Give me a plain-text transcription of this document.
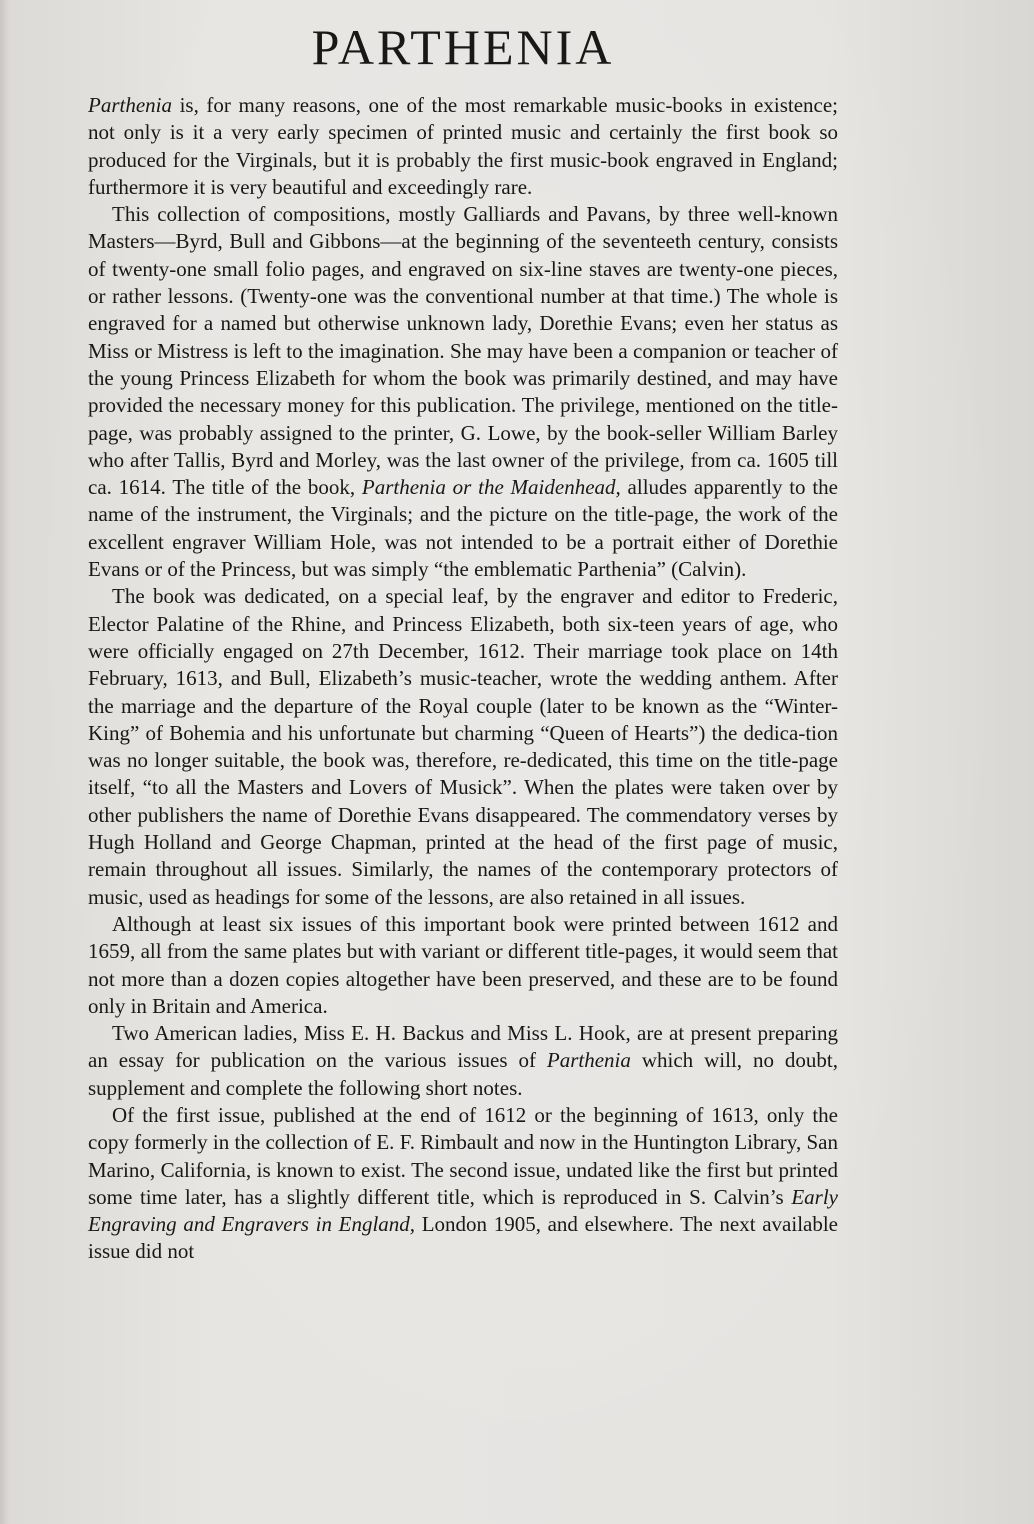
PARTHENIA

Parthenia is, for many reasons, one of the most remarkable music-books in existence; not only is it a very early specimen of printed music and certainly the first book so produced for the Virginals, but it is probably the first music-book engraved in England; furthermore it is very beautiful and exceedingly rare.

This collection of compositions, mostly Galliards and Pavans, by three well-known Masters—Byrd, Bull and Gibbons—at the beginning of the seventeeth century, consists of twenty-one small folio pages, and engraved on six-line staves are twenty-one pieces, or rather lessons. (Twenty-one was the conventional number at that time.) The whole is engraved for a named but otherwise unknown lady, Dorethie Evans; even her status as Miss or Mistress is left to the imagination. She may have been a companion or teacher of the young Princess Elizabeth for whom the book was primarily destined, and may have provided the necessary money for this publication. The privilege, mentioned on the title-page, was probably assigned to the printer, G. Lowe, by the book-seller William Barley who after Tallis, Byrd and Morley, was the last owner of the privilege, from ca. 1605 till ca. 1614. The title of the book, Parthenia or the Maidenhead, alludes apparently to the name of the instrument, the Virginals; and the picture on the title-page, the work of the excellent engraver William Hole, was not intended to be a portrait either of Dorethie Evans or of the Princess, but was simply “the emblematic Parthenia” (Calvin).

The book was dedicated, on a special leaf, by the engraver and editor to Frederic, Elector Palatine of the Rhine, and Princess Elizabeth, both six-teen years of age, who were officially engaged on 27th December, 1612. Their marriage took place on 14th February, 1613, and Bull, Elizabeth’s music-teacher, wrote the wedding anthem. After the marriage and the departure of the Royal couple (later to be known as the “Winter-King” of Bohemia and his unfortunate but charming “Queen of Hearts”) the dedica-tion was no longer suitable, the book was, therefore, re-dedicated, this time on the title-page itself, “to all the Masters and Lovers of Musick”. When the plates were taken over by other publishers the name of Dorethie Evans disappeared. The commendatory verses by Hugh Holland and George Chapman, printed at the head of the first page of music, remain throughout all issues. Similarly, the names of the contemporary protectors of music, used as headings for some of the lessons, are also retained in all issues.

Although at least six issues of this important book were printed between 1612 and 1659, all from the same plates but with variant or different title-pages, it would seem that not more than a dozen copies altogether have been preserved, and these are to be found only in Britain and America.

Two American ladies, Miss E. H. Backus and Miss L. Hook, are at present preparing an essay for publication on the various issues of Parthenia which will, no doubt, supplement and complete the following short notes.

Of the first issue, published at the end of 1612 or the beginning of 1613, only the copy formerly in the collection of E. F. Rimbault and now in the Huntington Library, San Marino, California, is known to exist. The second issue, undated like the first but printed some time later, has a slightly different title, which is reproduced in S. Calvin’s Early Engraving and Engravers in England, London 1905, and elsewhere. The next available issue did not
